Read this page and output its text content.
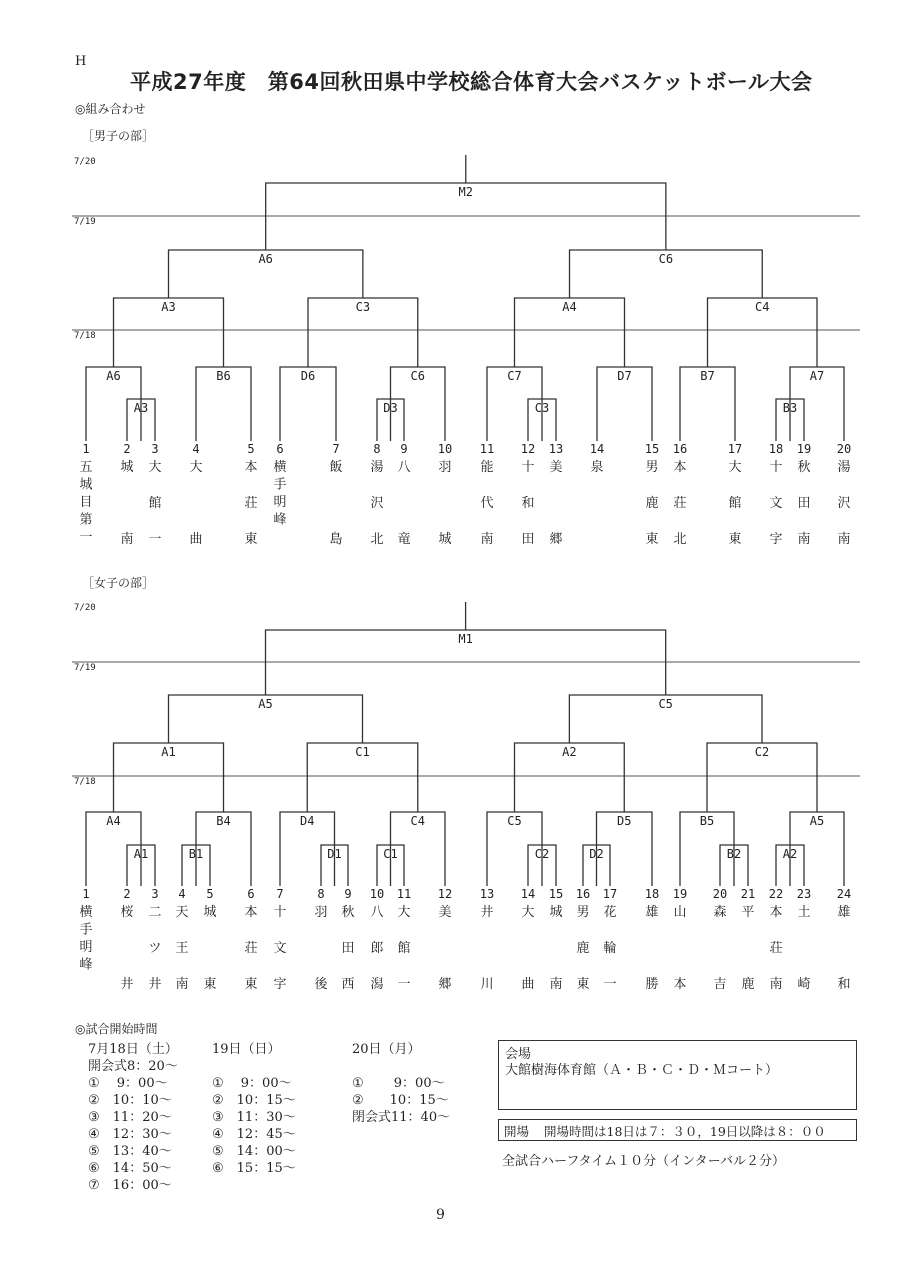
H
平成27年度　第64回秋田県中学校総合体育大会バスケットボール大会
◎組み合わせ
［男子の部］
7/20
7/19
7/18
A3	D3	C3	B3
A6	B6	D6	C6	C7	D7	B7	A7
A3	C3	A4	C4
A6	C6
M2
1
五
城
目
第
一
2
城
南
3
大
館
一
4
大
曲
5
本
荘
東
6
横
手
明
峰
7
飯
島
8
湯
沢
北
9
八
竜
10
羽
城
11
能
代
南
12
十
和
田
13
美
郷
14
泉
15
男
鹿
東
16
本
荘
北
17
大
館
東
18
十
文
字
19
秋
田
南
20
湯
沢
南
［女子の部］
7/20
7/19
7/18
A1	B1	D1	C1	C2	D2	B2	A2
A4	B4	D4	C4	C5	D5	B5	A5
A1	C1	A2	C2
A5	C5
M1
1
横
手
明
峰
2
桜
井
3
二
ツ
井
4
天
王
南
5
城
東
6
本
荘
東
7
十
文
字
8
羽
後
9
秋
田
西
10
八
郎
潟
11
大
館
一
12
美
郷
13
井
川
14
大
曲
15
城
南
16
男
鹿
東
17
花
輪
一
18
雄
勝
19
山
本
20
森
吉
21
平
鹿
22
本
荘
南
23
土
崎
24
雄
和
◎試合開始時間
7月18日（土）
開会式8：20～
①　 9：00～
②　10：10～
③　11：20～
④　12：30～
⑤　13：40～
⑥　14：50～
⑦　16：00～
19日（日）

①　 9：00～
②　10：15～
③　11：30～
④　12：45～
⑤　14：00～
⑥　15：15～
20日（月）

①　　 9：00～
②　　10：15～
閉会式11：40～
会場
大館樹海体育館（Ａ・Ｂ・Ｃ・Ｄ・Ｍコート）
開場 開場時間は18日は７：３０，19日以降は８：００
全試合ハーフタイム１０分（インターバル２分）
9
